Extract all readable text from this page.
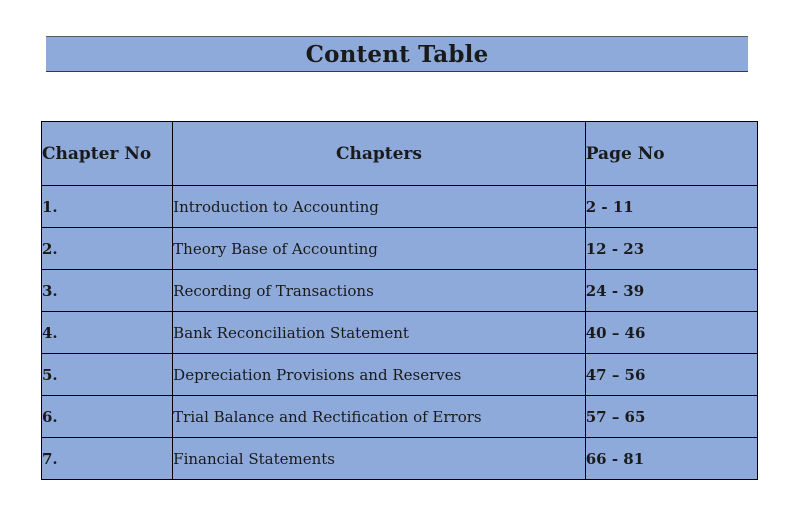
Content Table
Chapter No	Chapters	Page No
1.	Introduction to Accounting	2 - 11
2.	Theory Base of Accounting	12 - 23
3.	Recording of Transactions	24 - 39
4.	Bank Reconciliation Statement	40 – 46
5.	Depreciation Provisions and Reserves	47 – 56
6.	Trial Balance and Rectification of Errors	57 – 65
7.	Financial Statements	66 - 81
